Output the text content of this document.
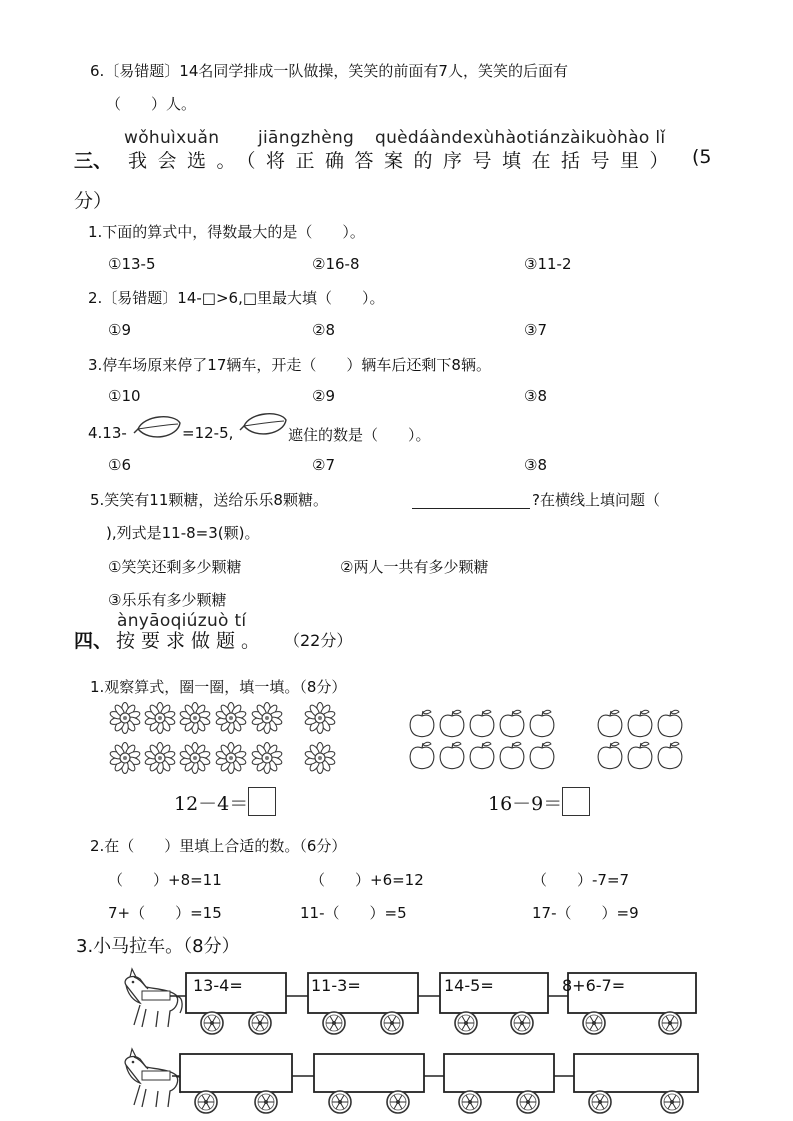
6.〔易错题〕14名同学排成一队做操，笑笑的前面有7人，笑笑的后面有
（　　）人。
wǒhuìxuǎn jiāngzhèng quèdáàndexùhàotiánzàikuòhào lǐ
三、 我会选。（将正确答案的序号填在括号里） (5
分）
1.下面的算式中，得数最大的是（　　）。
①13-5	②16-8	③11-2
2.〔易错题〕14-□>6,□里最大填（　　）。
①9	②8	③7
3.停车场原来停了17辆车，开走（　　）辆车后还剩下8辆。
①10	②9	③8
4.13-	=12-5,	遮住的数是（　　）。
①6	②7	③8
5.笑笑有11颗糖，送给乐乐8颗糖。	?在横线上填问题（
),列式是11-8=3(颗)。
①笑笑还剩多少颗糖	②两人一共有多少颗糖
③乐乐有多少颗糖
ànyāoqiúzuò tí
四、 按要求做题。 （22分）
1.观察算式，圈一圈，填一填。（8分）
12－4＝	16－9＝
2.在（　　）里填上合适的数。（6分）
（　　）+8=11	（　　）+6=12	（　　）-7=7
7+（　　）=15	11-（　　）=5	17-（　　）=9
3.小马拉车。（8分）
13-4=	11-3=	14-5=	8+6-7=
